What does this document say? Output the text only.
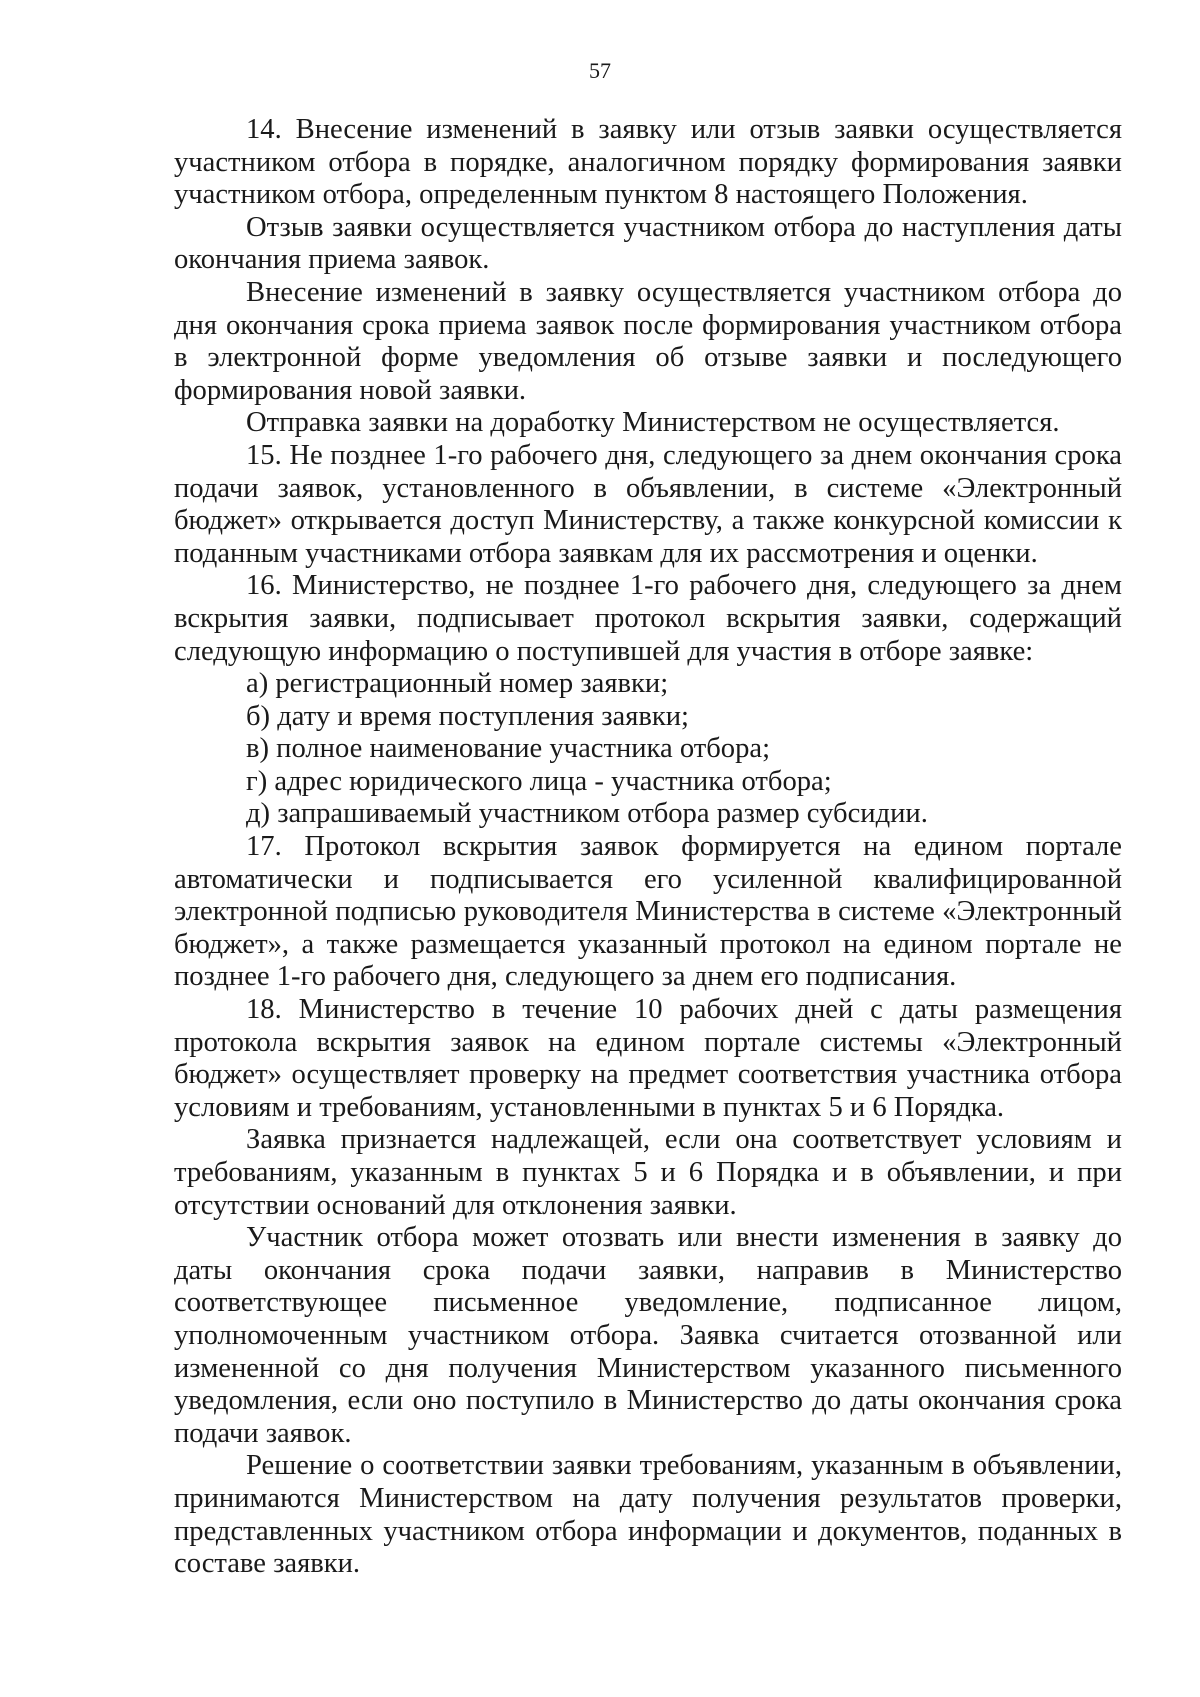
57

14. Внесение изменений в заявку или отзыв заявки осуществляется участником отбора в порядке, аналогичном порядку формирования заявки участником отбора, определенным пунктом 8 настоящего Положения.

Отзыв заявки осуществляется участником отбора до наступления даты окончания приема заявок.

Внесение изменений в заявку осуществляется участником отбора до дня окончания срока приема заявок после формирования участником отбора в электронной форме уведомления об отзыве заявки и последующего формирования новой заявки.

Отправка заявки на доработку Министерством не осуществляется.

15. Не позднее 1-го рабочего дня, следующего за днем окончания срока подачи заявок, установленного в объявлении, в системе «Электронный бюджет» открывается доступ Министерству, а также конкурсной комиссии к поданным участниками отбора заявкам для их рассмотрения и оценки.

16. Министерство, не позднее 1-го рабочего дня, следующего за днем вскрытия заявки, подписывает протокол вскрытия заявки, содержащий следующую информацию о поступившей для участия в отборе заявке:

а) регистрационный номер заявки;

б) дату и время поступления заявки;

в) полное наименование участника отбора;

г) адрес юридического лица - участника отбора;

д) запрашиваемый участником отбора размер субсидии.

17. Протокол вскрытия заявок формируется на едином портале автоматически и подписывается его усиленной квалифицированной электронной подписью руководителя Министерства в системе «Электронный бюджет», а также размещается указанный протокол на едином портале не позднее 1-го рабочего дня, следующего за днем его подписания.

18. Министерство в течение 10 рабочих дней с даты размещения протокола вскрытия заявок на едином портале системы «Электронный бюджет» осуществляет проверку на предмет соответствия участника отбора условиям и требованиям, установленными в пунктах 5 и 6 Порядка.

Заявка признается надлежащей, если она соответствует условиям и требованиям, указанным в пунктах 5 и 6 Порядка и в объявлении, и при отсутствии оснований для отклонения заявки.

Участник отбора может отозвать или внести изменения в заявку до даты окончания срока подачи заявки, направив в Министерство соответствующее письменное уведомление, подписанное лицом, уполномоченным участником отбора. Заявка считается отозванной или измененной со дня получения Министерством указанного письменного уведомления, если оно поступило в Министерство до даты окончания срока подачи заявок.

Решение о соответствии заявки требованиям, указанным в объявлении, принимаются Министерством на дату получения результатов проверки, представленных участником отбора информации и документов, поданных в составе заявки.
